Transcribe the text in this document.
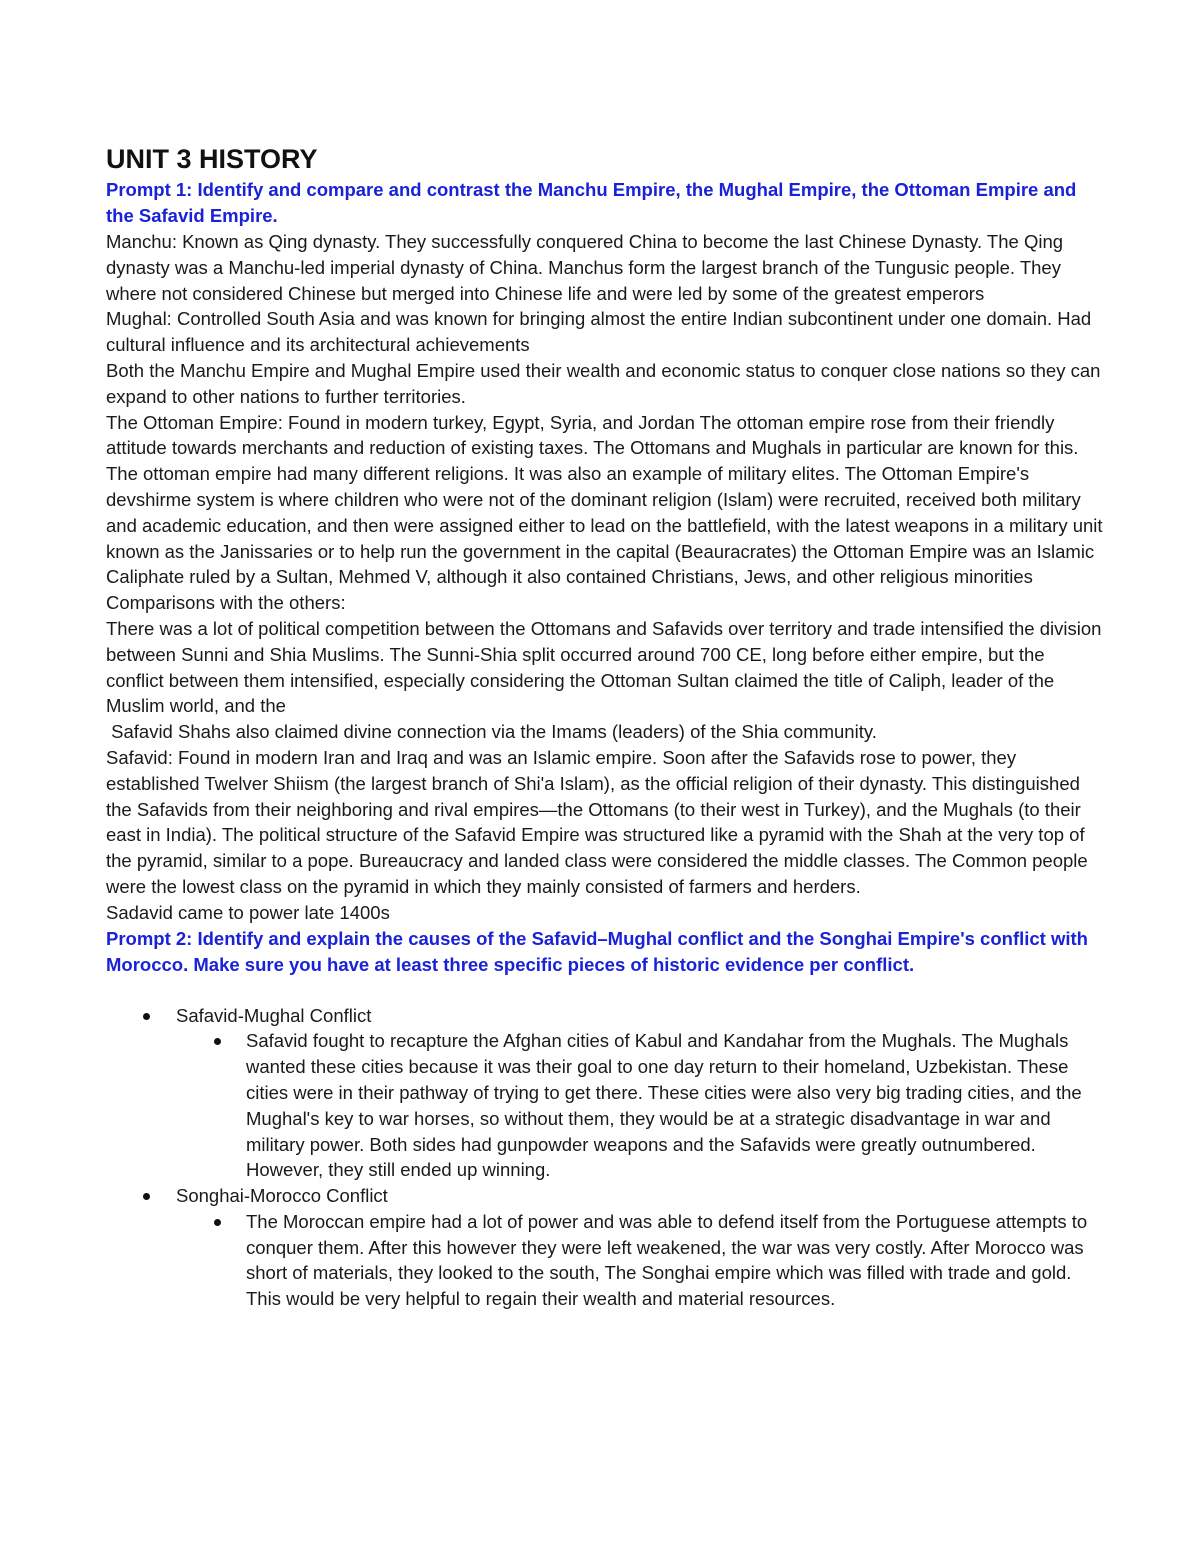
UNIT 3 HISTORY

Prompt 1: Identify and compare and contrast the Manchu Empire, the Mughal Empire, the Ottoman Empire and the Safavid Empire.

Manchu: Known as Qing dynasty. They successfully conquered China to become the last Chinese Dynasty. The Qing dynasty was a Manchu-led imperial dynasty of China. Manchus form the largest branch of the Tungusic people. They where not considered Chinese but merged into Chinese life and were led by some of the greatest emperors

Mughal: Controlled South Asia and was known for bringing almost the entire Indian subcontinent under one domain. Had cultural influence and its architectural achievements

Both the Manchu Empire and Mughal Empire used their wealth and economic status to conquer close nations so they can expand to other nations to further territories.

The Ottoman Empire: Found in modern turkey, Egypt, Syria, and Jordan The ottoman empire rose from their friendly attitude towards merchants and reduction of existing taxes. The Ottomans and Mughals in particular are known for this. The ottoman empire had many different religions. It was also an example of military elites. The Ottoman Empire's devshirme system is where children who were not of the dominant religion (Islam) were recruited, received both military and academic education, and then were assigned either to lead on the battlefield, with the latest weapons in a military unit known as the Janissaries or to help run the government in the capital (Beauracrates) the Ottoman Empire was an Islamic Caliphate ruled by a Sultan, Mehmed V, although it also contained Christians, Jews, and other religious minorities

Comparisons with the others:

There was a lot of political competition between the Ottomans and Safavids over territory and trade intensified the division between Sunni and Shia Muslims. The Sunni-Shia split occurred around 700 CE, long before either empire, but the conflict between them intensified, especially considering the Ottoman Sultan claimed the title of Caliph, leader of the Muslim world, and the

Safavid Shahs also claimed divine connection via the Imams (leaders) of the Shia community.

Safavid: Found in modern Iran and Iraq and was an Islamic empire. Soon after the Safavids rose to power, they established Twelver Shiism (the largest branch of Shi'a Islam), as the official religion of their dynasty. This distinguished the Safavids from their neighboring and rival empires—the Ottomans (to their west in Turkey), and the Mughals (to their east in India). The political structure of the Safavid Empire was structured like a pyramid with the Shah at the very top of the pyramid, similar to a pope. Bureaucracy and landed class were considered the middle classes. The Common people were the lowest class on the pyramid in which they mainly consisted of farmers and herders.

Sadavid came to power late 1400s

Prompt 2: Identify and explain the causes of the Safavid–Mughal conflict and the Songhai Empire's conflict with Morocco. Make sure you have at least three specific pieces of historic evidence per conflict.

Safavid-Mughal Conflict
Safavid fought to recapture the Afghan cities of Kabul and Kandahar from the Mughals. The Mughals wanted these cities because it was their goal to one day return to their homeland, Uzbekistan. These cities were in their pathway of trying to get there. These cities were also very big trading cities, and the Mughal's key to war horses, so without them, they would be at a strategic disadvantage in war and military power. Both sides had gunpowder weapons and the Safavids were greatly outnumbered. However, they still ended up winning.
Songhai-Morocco Conflict
The Moroccan empire had a lot of power and was able to defend itself from the Portuguese attempts to conquer them. After this however they were left weakened, the war was very costly. After Morocco was short of materials, they looked to the south, The Songhai empire which was filled with trade and gold. This would be very helpful to regain their wealth and material resources.
